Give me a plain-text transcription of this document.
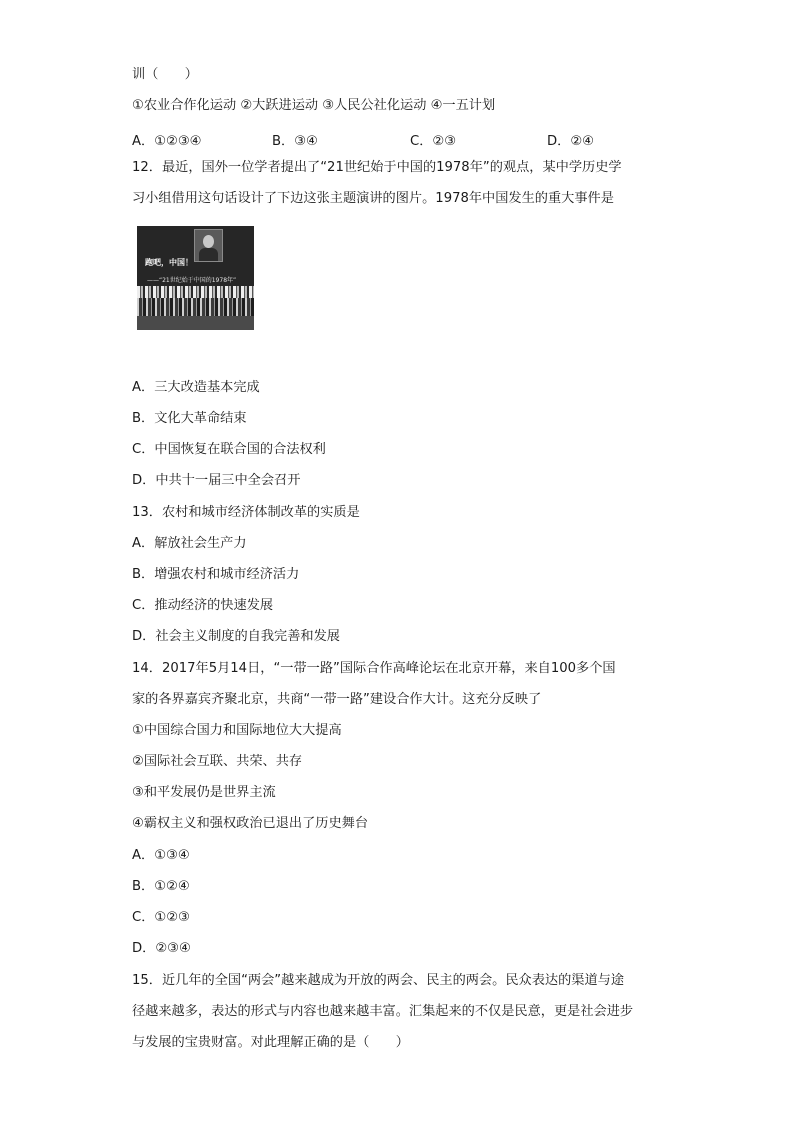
训（　　）
①农业合作化运动 ②大跃进运动 ③人民公社化运动 ④一五计划
A．①②③④	B．③④	C．②③	D．②④
12．最近，国外一位学者提出了“21世纪始于中国的1978年”的观点，某中学历史学
习小组借用这句话设计了下边这张主题演讲的图片。1978年中国发生的重大事件是
跑吧，中国！
——“21世纪始于中国的1978年”
A．三大改造基本完成
B．文化大革命结束
C．中国恢复在联合国的合法权利
D．中共十一届三中全会召开
13．农村和城市经济体制改革的实质是
A．解放社会生产力
B．增强农村和城市经济活力
C．推动经济的快速发展
D．社会主义制度的自我完善和发展
14．2017年5月14日，“一带一路”国际合作高峰论坛在北京开幕，来自100多个国
家的各界嘉宾齐聚北京，共商“一带一路”建设合作大计。这充分反映了
①中国综合国力和国际地位大大提高
②国际社会互联、共荣、共存
③和平发展仍是世界主流
④霸权主义和强权政治已退出了历史舞台
A．①③④
B．①②④
C．①②③
D．②③④
15．近几年的全国“两会”越来越成为开放的两会、民主的两会。民众表达的渠道与途
径越来越多，表达的形式与内容也越来越丰富。汇集起来的不仅是民意，更是社会进步
与发展的宝贵财富。对此理解正确的是（　　）
